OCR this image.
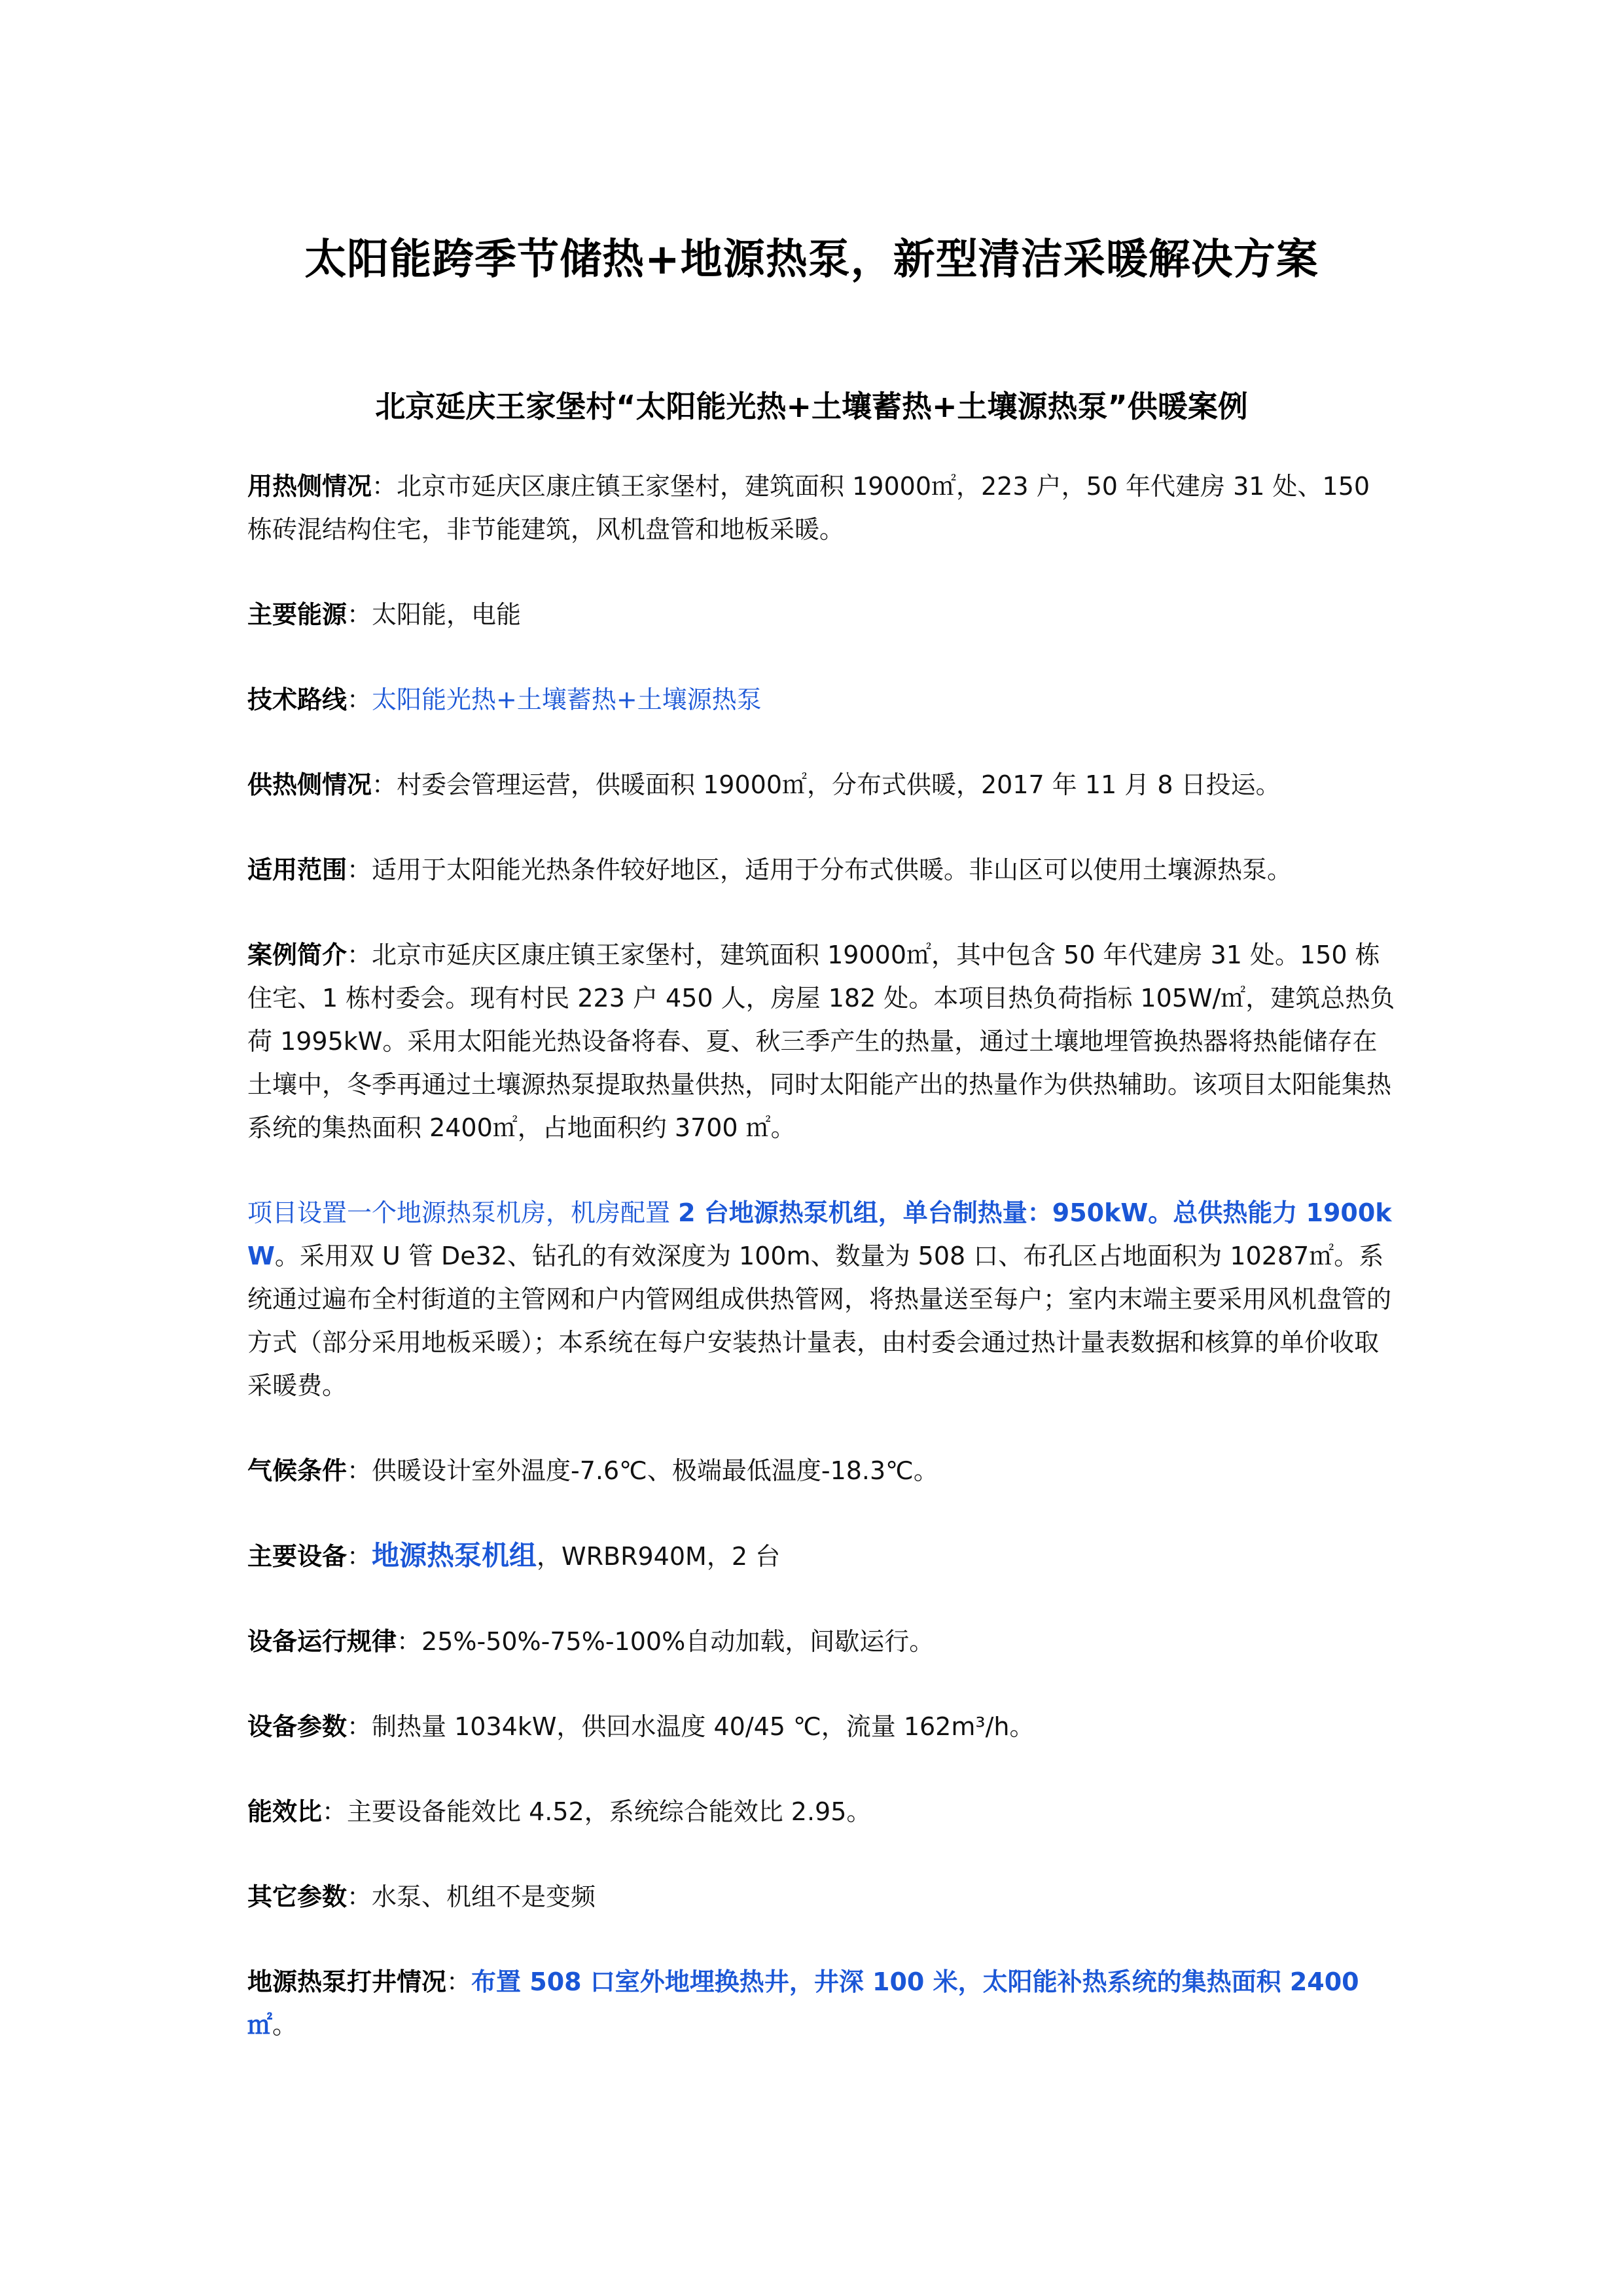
太阳能跨季节储热+地源热泵，新型清洁采暖解决方案
北京延庆王家堡村“太阳能光热+土壤蓄热+土壤源热泵”供暖案例

用热侧情况：北京市延庆区康庄镇王家堡村，建筑面积 19000㎡，223 户，50 年代建房 31 处、150 栋砖混结构住宅，非节能建筑，风机盘管和地板采暖。

主要能源：太阳能，电能

技术路线：太阳能光热+土壤蓄热+土壤源热泵

供热侧情况：村委会管理运营，供暖面积 19000㎡，分布式供暖，2017 年 11 月 8 日投运。

适用范围：适用于太阳能光热条件较好地区，适用于分布式供暖。非山区可以使用土壤源热泵。

案例简介：北京市延庆区康庄镇王家堡村，建筑面积 19000㎡，其中包含 50 年代建房 31 处。150 栋住宅、1 栋村委会。现有村民 223 户 450 人，房屋 182 处。本项目热负荷指标 105W/㎡，建筑总热负荷 1995kW。采用太阳能光热设备将春、夏、秋三季产生的热量，通过土壤地埋管换热器将热能储存在土壤中，冬季再通过土壤源热泵提取热量供热，同时太阳能产出的热量作为供热辅助。该项目太阳能集热系统的集热面积 2400㎡，占地面积约 3700 ㎡。

项目设置一个地源热泵机房，机房配置 2 台地源热泵机组，单台制热量：950kW。总供热能力 1900kW。采用双 U 管 De32、钻孔的有效深度为 100m、数量为 508 口、布孔区占地面积为 10287㎡。系统通过遍布全村街道的主管网和户内管网组成供热管网，将热量送至每户；室内末端主要采用风机盘管的方式（部分采用地板采暖）；本系统在每户安装热计量表，由村委会通过热计量表数据和核算的单价收取采暖费。

气候条件：供暖设计室外温度-7.6℃、极端最低温度-18.3℃。

主要设备：地源热泵机组，WRBR940M，2 台

设备运行规律：25%-50%-75%-100%自动加载，间歇运行。

设备参数：制热量 1034kW，供回水温度 40/45 ℃，流量 162m³/h。

能效比：主要设备能效比 4.52，系统综合能效比 2.95。

其它参数：水泵、机组不是变频

地源热泵打井情况：布置 508 口室外地埋换热井，井深 100 米，太阳能补热系统的集热面积 2400㎡。
